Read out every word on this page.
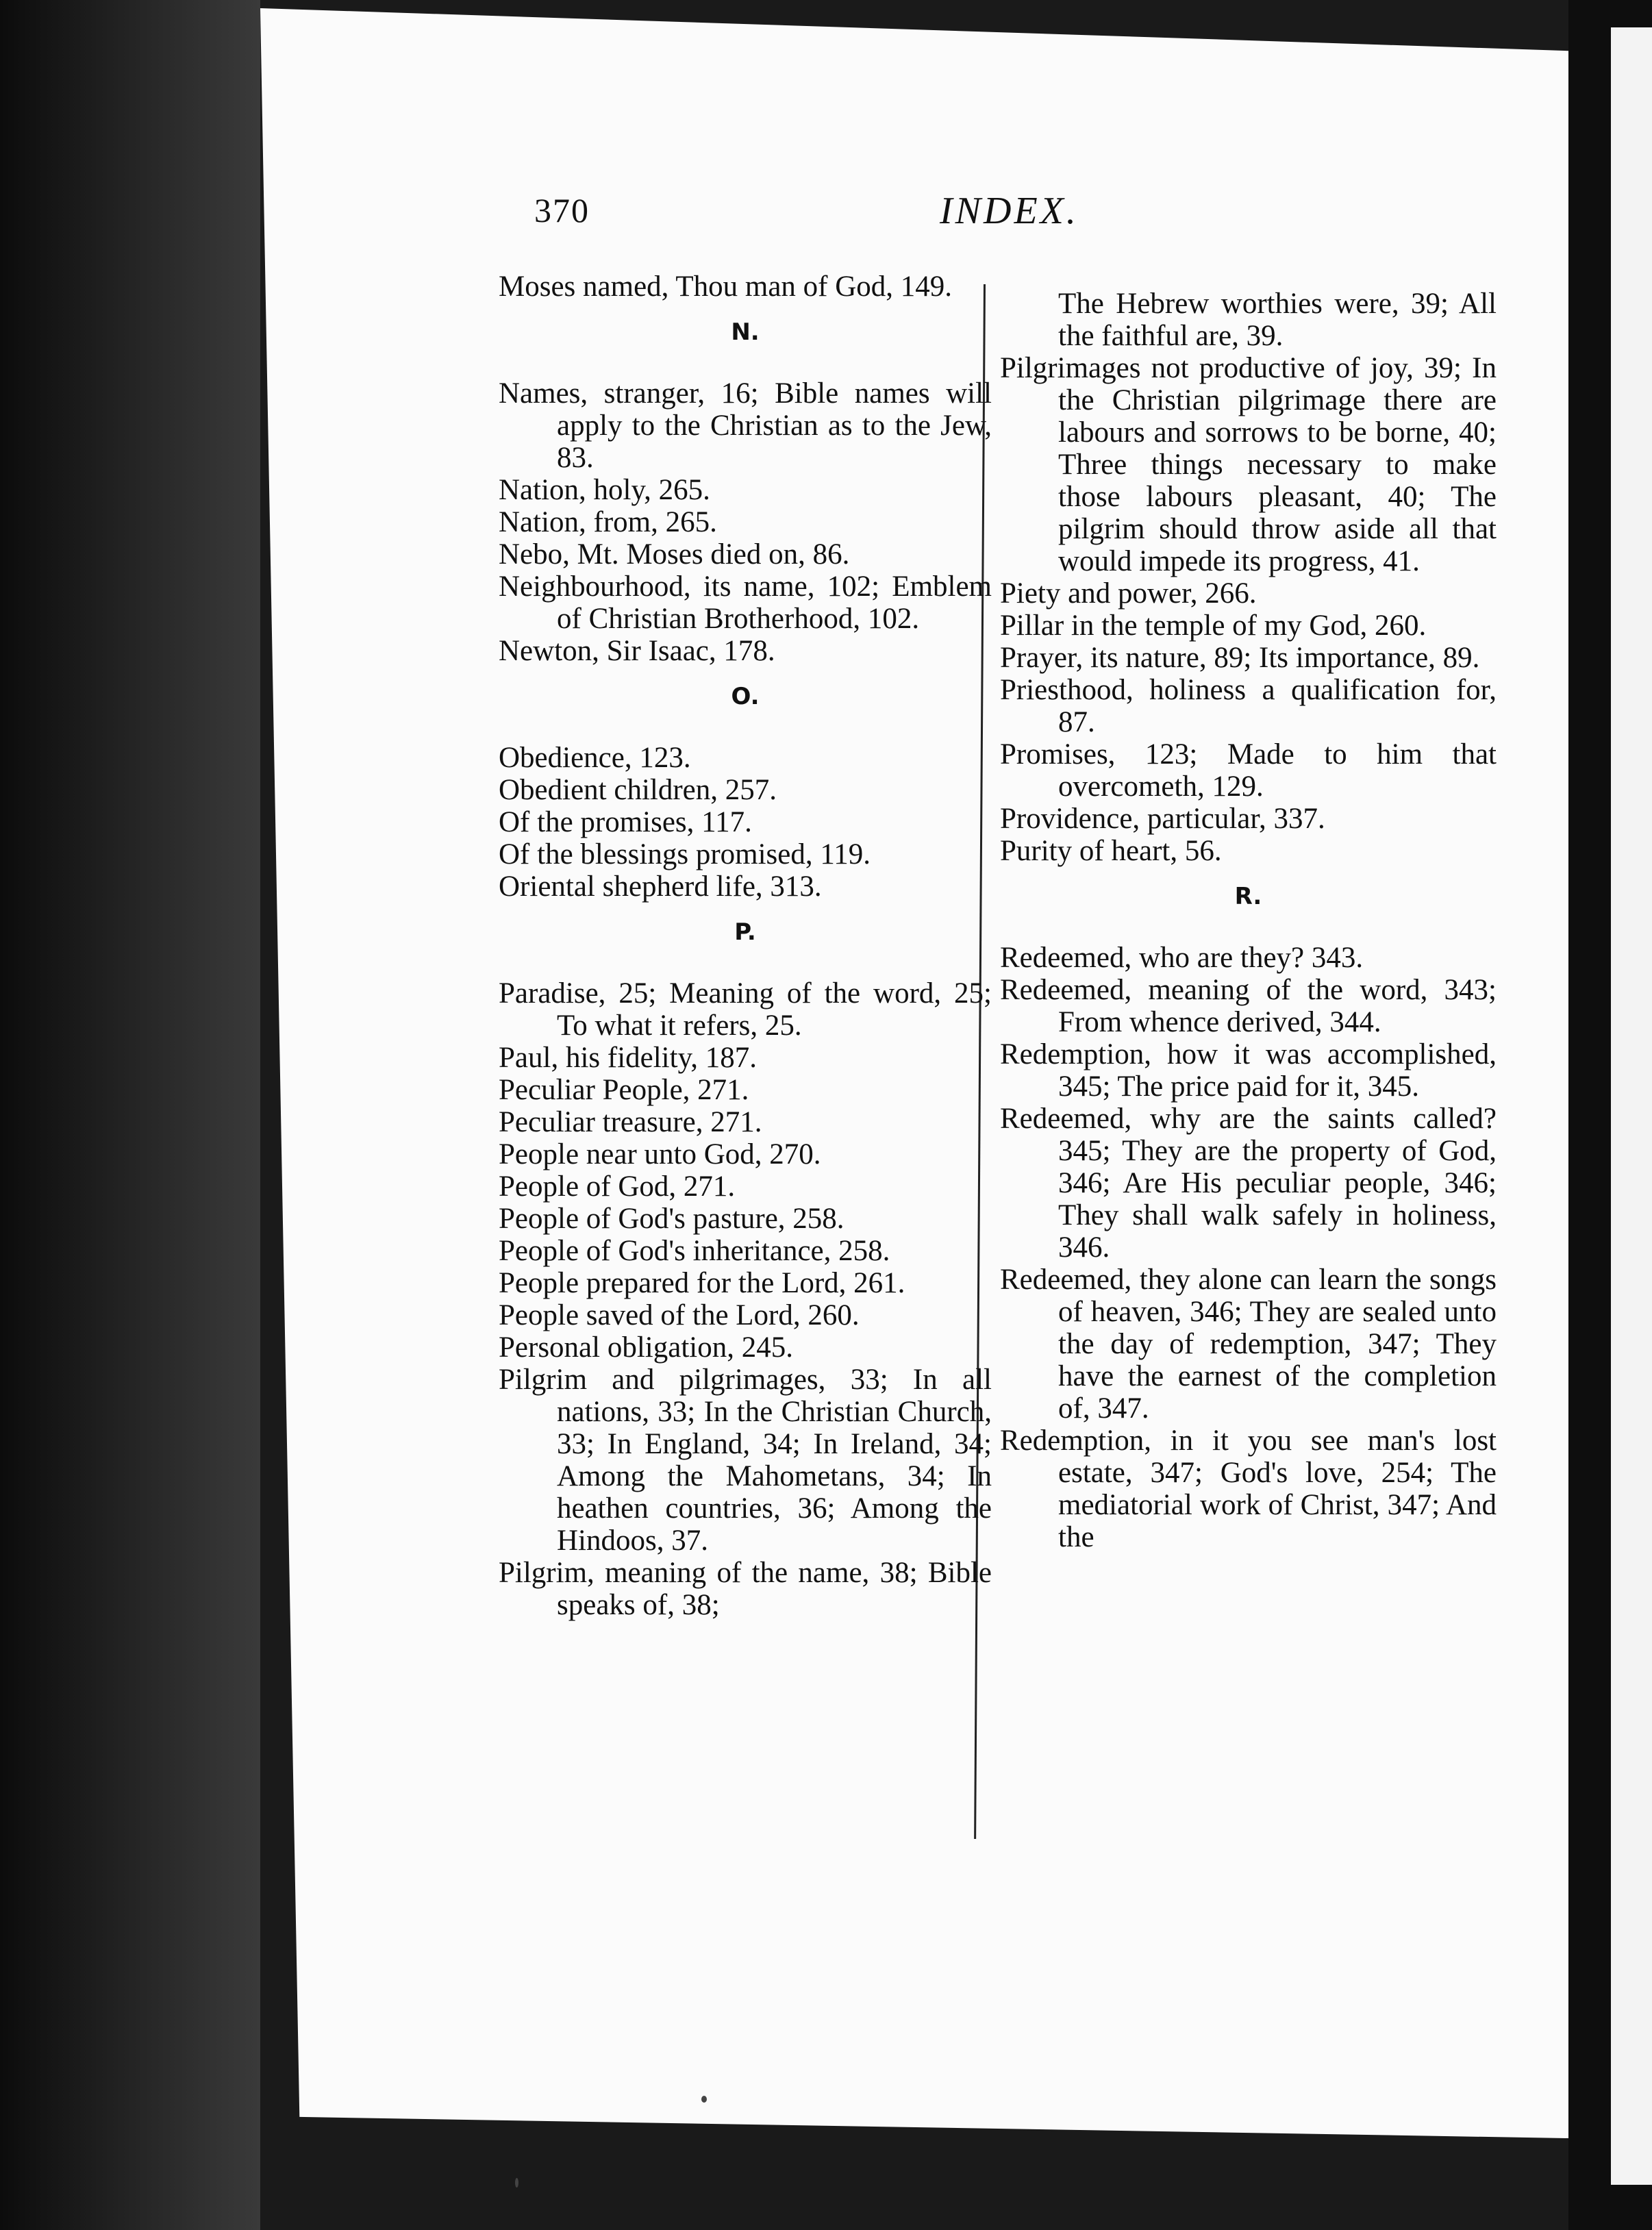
370	INDEX.

Moses named, Thou man of God, 149.

N.

Names, stranger, 16; Bible names will apply to the Christian as to the Jew, 83.

Nation, holy, 265.

Nation, from, 265.

Nebo, Mt. Moses died on, 86.

Neighbourhood, its name, 102; Emblem of Christian Brotherhood, 102.

Newton, Sir Isaac, 178.

O.

Obedience, 123.

Obedient children, 257.

Of the promises, 117.

Of the blessings promised, 119.

Oriental shepherd life, 313.

P.

Paradise, 25; Meaning of the word, 25; To what it refers, 25.

Paul, his fidelity, 187.

Peculiar People, 271.

Peculiar treasure, 271.

People near unto God, 270.

People of God, 271.

People of God's pasture, 258.

People of God's inheritance, 258.

People prepared for the Lord, 261.

People saved of the Lord, 260.

Personal obligation, 245.

Pilgrim and pilgrimages, 33; In all nations, 33; In the Christian Church, 33; In England, 34; In Ireland, 34; Among the Mahometans, 34; In heathen countries, 36; Among the Hindoos, 37.

Pilgrim, meaning of the name, 38; Bible speaks of, 38;

The Hebrew worthies were, 39; All the faithful are, 39.

Pilgrimages not productive of joy, 39; In the Christian pilgrimage there are labours and sorrows to be borne, 40; Three things necessary to make those labours pleasant, 40; The pilgrim should throw aside all that would impede its progress, 41.

Piety and power, 266.

Pillar in the temple of my God, 260.

Prayer, its nature, 89; Its importance, 89.

Priesthood, holiness a qualification for, 87.

Promises, 123; Made to him that overcometh, 129.

Providence, particular, 337.

Purity of heart, 56.

R.

Redeemed, who are they? 343.

Redeemed, meaning of the word, 343; From whence derived, 344.

Redemption, how it was accomplished, 345; The price paid for it, 345.

Redeemed, why are the saints called? 345; They are the property of God, 346; Are His peculiar people, 346; They shall walk safely in holiness, 346.

Redeemed, they alone can learn the songs of heaven, 346; They are sealed unto the day of redemption, 347; They have the earnest of the completion of, 347.

Redemption, in it you see man's lost estate, 347; God's love, 254; The mediatorial work of Christ, 347; And the
